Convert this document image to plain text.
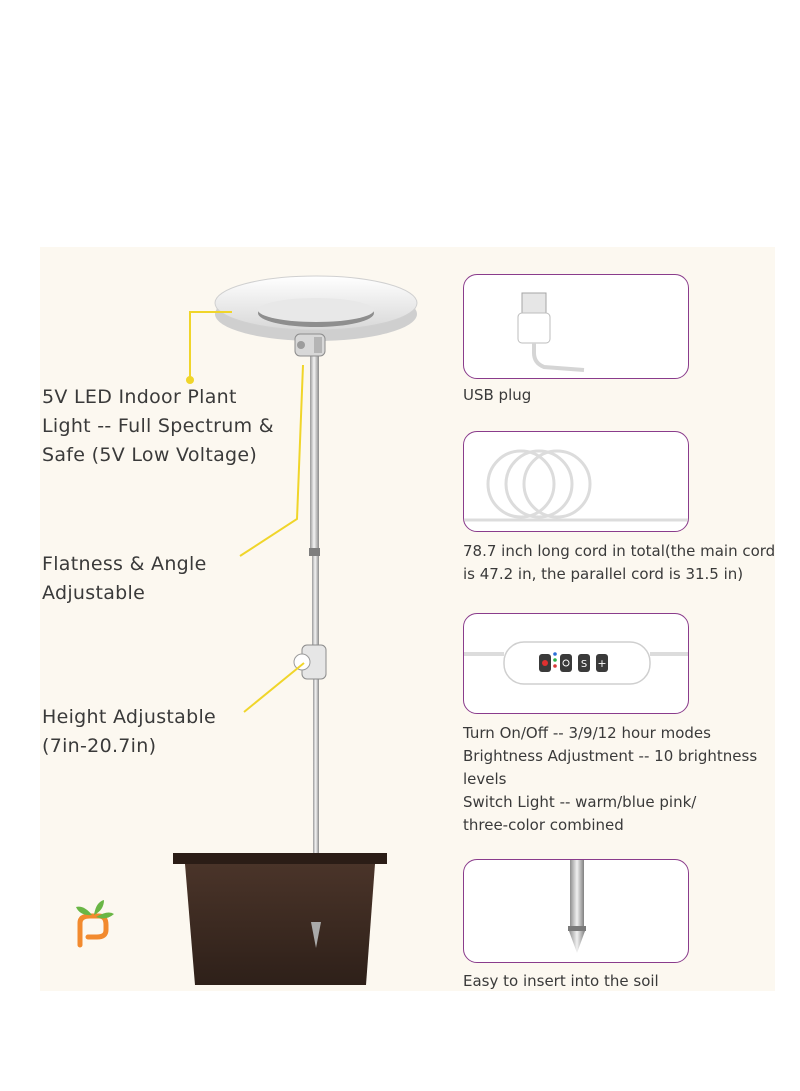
5V LED Indoor Plant
Light -- Full Spectrum &
Safe (5V Low Voltage)
Flatness & Angle
Adjustable
Height Adjustable
(7in-20.7in)
USB plug
78.7 inch long cord in total(the main cord
is 47.2 in, the parallel cord is 31.5 in)
S +
Turn On/Off -- 3/9/12 hour modes
Brightness Adjustment -- 10 brightness
levels
Switch Light -- warm/blue pink/
three-color combined
Easy to insert into the soil
